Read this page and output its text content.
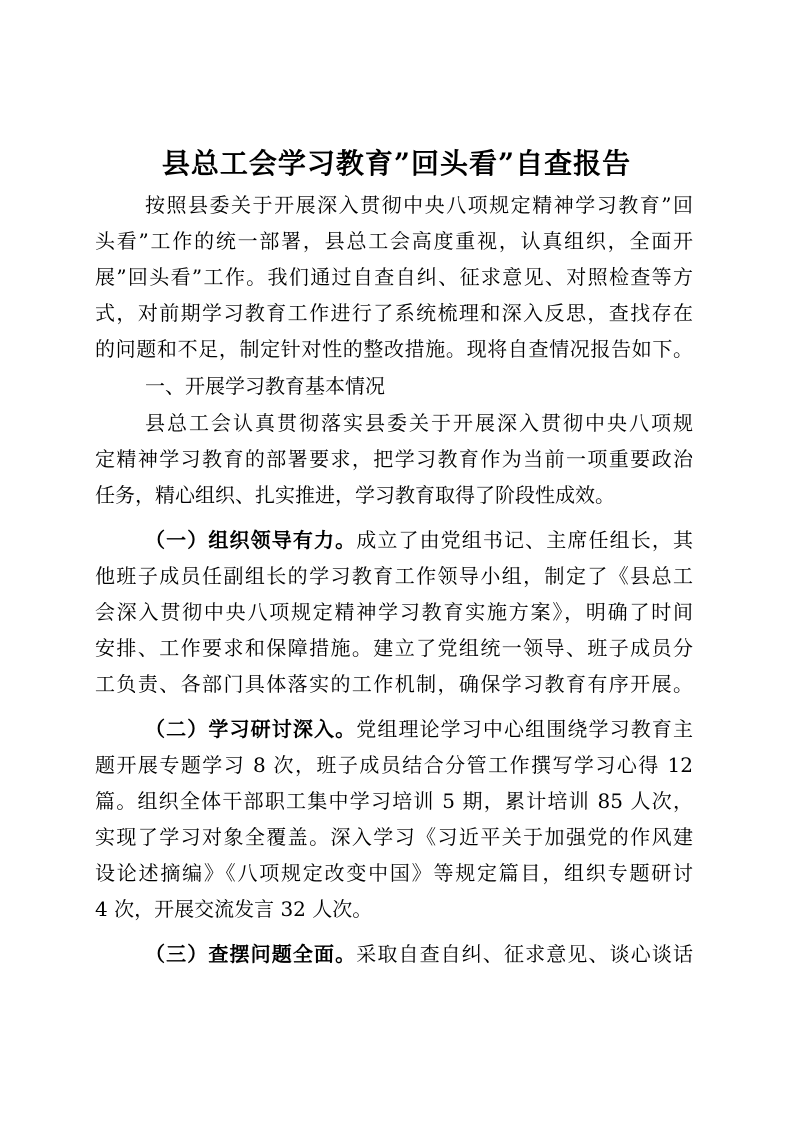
县总工会学习教育”回头看”自查报告
按照县委关于开展深入贯彻中央八项规定精神学习教育”回
头看”工作的统一部署，县总工会高度重视，认真组织，全面开
展”回头看”工作。我们通过自查自纠、征求意见、对照检查等方
式，对前期学习教育工作进行了系统梳理和深入反思，查找存在
的问题和不足，制定针对性的整改措施。现将自查情况报告如下。
一、开展学习教育基本情况
县总工会认真贯彻落实县委关于开展深入贯彻中央八项规
定精神学习教育的部署要求，把学习教育作为当前一项重要政治
任务，精心组织、扎实推进，学习教育取得了阶段性成效。
（一）组织领导有力。成立了由党组书记、主席任组长，其
他班子成员任副组长的学习教育工作领导小组，制定了《县总工
会深入贯彻中央八项规定精神学习教育实施方案》，明确了时间
安排、工作要求和保障措施。建立了党组统一领导、班子成员分
工负责、各部门具体落实的工作机制，确保学习教育有序开展。
（二）学习研讨深入。党组理论学习中心组围绕学习教育主
题开展专题学习 8 次，班子成员结合分管工作撰写学习心得 12
篇。组织全体干部职工集中学习培训 5 期，累计培训 85 人次，
实现了学习对象全覆盖。深入学习《习近平关于加强党的作风建
设论述摘编》《八项规定改变中国》等规定篇目，组织专题研讨
4 次，开展交流发言 32 人次。
（三）查摆问题全面。采取自查自纠、征求意见、谈心谈话
